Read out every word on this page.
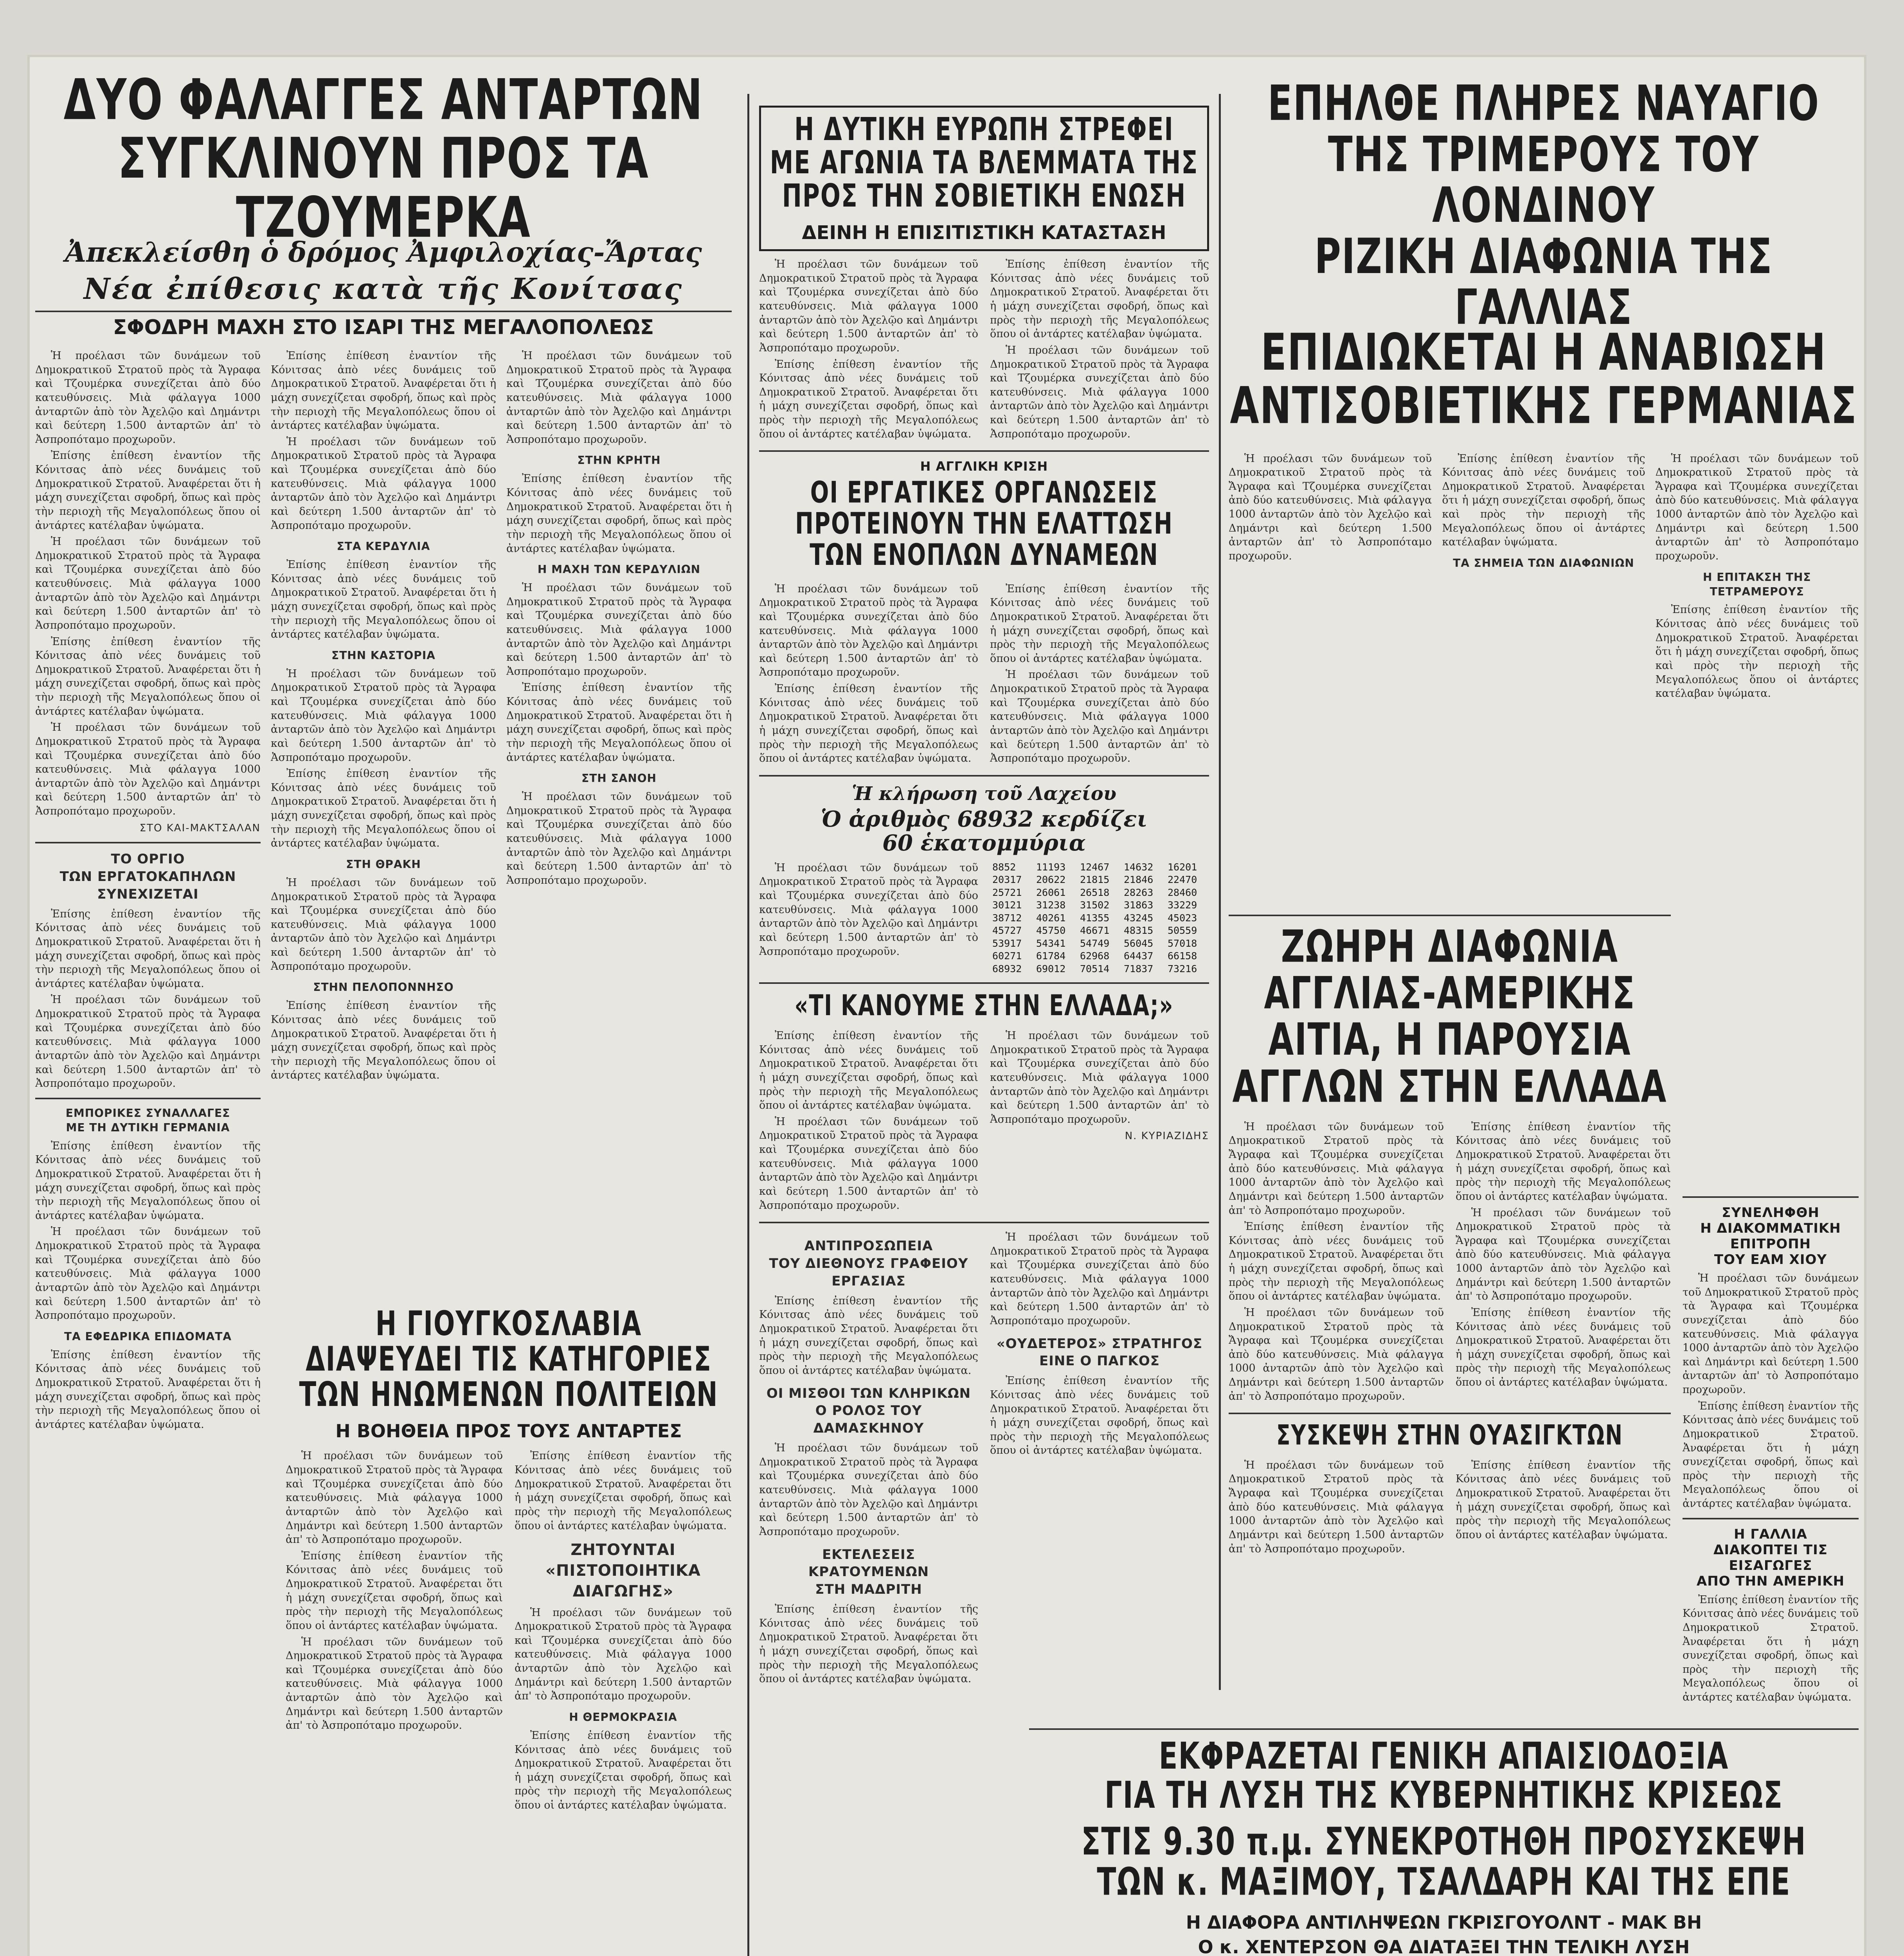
ΔΥΟ ΦΑΛΑΓΓΕΣ ΑΝΤΑΡΤΩΝ
ΣΥΓΚΛΙΝΟΥΝ ΠΡΟΣ ΤΑ ΤΖΟΥΜΕΡΚΑ
Ἀπεκλείσθη ὁ δρόμος Ἀμφιλοχίας-Ἄρτας
Νέα ἐπίθεσις κατὰ τῆς Κονίτσας
ΣΦΟΔΡΗ ΜΑΧΗ ΣΤΟ ΙΣΑΡΙ ΤΗΣ ΜΕΓΑΛΟΠΟΛΕΩΣ

Ἡ προέλασι τῶν δυνάμεων τοῦ Δημοκρατικοῦ Στρατοῦ πρὸς τὰ Ἄγραφα καὶ Τζουμέρκα συνεχίζεται ἀπὸ δύο κατευθύνσεις. Μιὰ φάλαγγα 1000 ἀνταρτῶν ἀπὸ τὸν Ἀχελῷο καὶ Δημάντρι καὶ δεύτερη 1.500 ἀνταρτῶν ἀπ' τὸ Ἀσπροπόταμο προχωροῦν.

Ἐπίσης ἐπίθεση ἐναντίον τῆς Κόνιτσας ἀπὸ νέες δυνάμεις τοῦ Δημοκρατικοῦ Στρατοῦ. Ἀναφέρεται ὅτι ἡ μάχη συνεχίζεται σφοδρή, ὅπως καὶ πρὸς τὴν περιοχὴ τῆς Μεγαλοπόλεως ὅπου οἱ ἀντάρτες κατέλαβαν ὑψώματα.

Ἡ προέλασι τῶν δυνάμεων τοῦ Δημοκρατικοῦ Στρατοῦ πρὸς τὰ Ἄγραφα καὶ Τζουμέρκα συνεχίζεται ἀπὸ δύο κατευθύνσεις. Μιὰ φάλαγγα 1000 ἀνταρτῶν ἀπὸ τὸν Ἀχελῷο καὶ Δημάντρι καὶ δεύτερη 1.500 ἀνταρτῶν ἀπ' τὸ Ἀσπροπόταμο προχωροῦν.

Ἐπίσης ἐπίθεση ἐναντίον τῆς Κόνιτσας ἀπὸ νέες δυνάμεις τοῦ Δημοκρατικοῦ Στρατοῦ. Ἀναφέρεται ὅτι ἡ μάχη συνεχίζεται σφοδρή, ὅπως καὶ πρὸς τὴν περιοχὴ τῆς Μεγαλοπόλεως ὅπου οἱ ἀντάρτες κατέλαβαν ὑψώματα.

Ἡ προέλασι τῶν δυνάμεων τοῦ Δημοκρατικοῦ Στρατοῦ πρὸς τὰ Ἄγραφα καὶ Τζουμέρκα συνεχίζεται ἀπὸ δύο κατευθύνσεις. Μιὰ φάλαγγα 1000 ἀνταρτῶν ἀπὸ τὸν Ἀχελῷο καὶ Δημάντρι καὶ δεύτερη 1.500 ἀνταρτῶν ἀπ' τὸ Ἀσπροπόταμο προχωροῦν.

ΣΤΟ ΚΑΙ-ΜΑΚΤΣΑΛΑΝ
ΤΟ ΟΡΓΙΟ
ΤΩΝ ΕΡΓΑΤΟΚΑΠΗΛΩΝ
ΣΥΝΕΧΙΖΕΤΑΙ

Ἐπίσης ἐπίθεση ἐναντίον τῆς Κόνιτσας ἀπὸ νέες δυνάμεις τοῦ Δημοκρατικοῦ Στρατοῦ. Ἀναφέρεται ὅτι ἡ μάχη συνεχίζεται σφοδρή, ὅπως καὶ πρὸς τὴν περιοχὴ τῆς Μεγαλοπόλεως ὅπου οἱ ἀντάρτες κατέλαβαν ὑψώματα.

Ἡ προέλασι τῶν δυνάμεων τοῦ Δημοκρατικοῦ Στρατοῦ πρὸς τὰ Ἄγραφα καὶ Τζουμέρκα συνεχίζεται ἀπὸ δύο κατευθύνσεις. Μιὰ φάλαγγα 1000 ἀνταρτῶν ἀπὸ τὸν Ἀχελῷο καὶ Δημάντρι καὶ δεύτερη 1.500 ἀνταρτῶν ἀπ' τὸ Ἀσπροπόταμο προχωροῦν.

ΕΜΠΟΡΙΚΕΣ ΣΥΝΑΛΛΑΓΕΣ
ΜΕ ΤΗ ΔΥΤΙΚΗ ΓΕΡΜΑΝΙΑ

Ἐπίσης ἐπίθεση ἐναντίον τῆς Κόνιτσας ἀπὸ νέες δυνάμεις τοῦ Δημοκρατικοῦ Στρατοῦ. Ἀναφέρεται ὅτι ἡ μάχη συνεχίζεται σφοδρή, ὅπως καὶ πρὸς τὴν περιοχὴ τῆς Μεγαλοπόλεως ὅπου οἱ ἀντάρτες κατέλαβαν ὑψώματα.

Ἡ προέλασι τῶν δυνάμεων τοῦ Δημοκρατικοῦ Στρατοῦ πρὸς τὰ Ἄγραφα καὶ Τζουμέρκα συνεχίζεται ἀπὸ δύο κατευθύνσεις. Μιὰ φάλαγγα 1000 ἀνταρτῶν ἀπὸ τὸν Ἀχελῷο καὶ Δημάντρι καὶ δεύτερη 1.500 ἀνταρτῶν ἀπ' τὸ Ἀσπροπόταμο προχωροῦν.

ΤΑ ΕΦΕΔΡΙΚΑ ΕΠΙΔΟΜΑΤΑ

Ἐπίσης ἐπίθεση ἐναντίον τῆς Κόνιτσας ἀπὸ νέες δυνάμεις τοῦ Δημοκρατικοῦ Στρατοῦ. Ἀναφέρεται ὅτι ἡ μάχη συνεχίζεται σφοδρή, ὅπως καὶ πρὸς τὴν περιοχὴ τῆς Μεγαλοπόλεως ὅπου οἱ ἀντάρτες κατέλαβαν ὑψώματα.

Ἐπίσης ἐπίθεση ἐναντίον τῆς Κόνιτσας ἀπὸ νέες δυνάμεις τοῦ Δημοκρατικοῦ Στρατοῦ. Ἀναφέρεται ὅτι ἡ μάχη συνεχίζεται σφοδρή, ὅπως καὶ πρὸς τὴν περιοχὴ τῆς Μεγαλοπόλεως ὅπου οἱ ἀντάρτες κατέλαβαν ὑψώματα.

Ἡ προέλασι τῶν δυνάμεων τοῦ Δημοκρατικοῦ Στρατοῦ πρὸς τὰ Ἄγραφα καὶ Τζουμέρκα συνεχίζεται ἀπὸ δύο κατευθύνσεις. Μιὰ φάλαγγα 1000 ἀνταρτῶν ἀπὸ τὸν Ἀχελῷο καὶ Δημάντρι καὶ δεύτερη 1.500 ἀνταρτῶν ἀπ' τὸ Ἀσπροπόταμο προχωροῦν.

ΣΤΑ ΚΕΡΔΥΛΙΑ

Ἐπίσης ἐπίθεση ἐναντίον τῆς Κόνιτσας ἀπὸ νέες δυνάμεις τοῦ Δημοκρατικοῦ Στρατοῦ. Ἀναφέρεται ὅτι ἡ μάχη συνεχίζεται σφοδρή, ὅπως καὶ πρὸς τὴν περιοχὴ τῆς Μεγαλοπόλεως ὅπου οἱ ἀντάρτες κατέλαβαν ὑψώματα.

ΣΤΗΝ ΚΑΣΤΟΡΙΑ

Ἡ προέλασι τῶν δυνάμεων τοῦ Δημοκρατικοῦ Στρατοῦ πρὸς τὰ Ἄγραφα καὶ Τζουμέρκα συνεχίζεται ἀπὸ δύο κατευθύνσεις. Μιὰ φάλαγγα 1000 ἀνταρτῶν ἀπὸ τὸν Ἀχελῷο καὶ Δημάντρι καὶ δεύτερη 1.500 ἀνταρτῶν ἀπ' τὸ Ἀσπροπόταμο προχωροῦν.

Ἐπίσης ἐπίθεση ἐναντίον τῆς Κόνιτσας ἀπὸ νέες δυνάμεις τοῦ Δημοκρατικοῦ Στρατοῦ. Ἀναφέρεται ὅτι ἡ μάχη συνεχίζεται σφοδρή, ὅπως καὶ πρὸς τὴν περιοχὴ τῆς Μεγαλοπόλεως ὅπου οἱ ἀντάρτες κατέλαβαν ὑψώματα.

ΣΤΗ ΘΡΑΚΗ

Ἡ προέλασι τῶν δυνάμεων τοῦ Δημοκρατικοῦ Στρατοῦ πρὸς τὰ Ἄγραφα καὶ Τζουμέρκα συνεχίζεται ἀπὸ δύο κατευθύνσεις. Μιὰ φάλαγγα 1000 ἀνταρτῶν ἀπὸ τὸν Ἀχελῷο καὶ Δημάντρι καὶ δεύτερη 1.500 ἀνταρτῶν ἀπ' τὸ Ἀσπροπόταμο προχωροῦν.

ΣΤΗΝ ΠΕΛΟΠΟΝΝΗΣΟ

Ἐπίσης ἐπίθεση ἐναντίον τῆς Κόνιτσας ἀπὸ νέες δυνάμεις τοῦ Δημοκρατικοῦ Στρατοῦ. Ἀναφέρεται ὅτι ἡ μάχη συνεχίζεται σφοδρή, ὅπως καὶ πρὸς τὴν περιοχὴ τῆς Μεγαλοπόλεως ὅπου οἱ ἀντάρτες κατέλαβαν ὑψώματα.

Ἡ προέλασι τῶν δυνάμεων τοῦ Δημοκρατικοῦ Στρατοῦ πρὸς τὰ Ἄγραφα καὶ Τζουμέρκα συνεχίζεται ἀπὸ δύο κατευθύνσεις. Μιὰ φάλαγγα 1000 ἀνταρτῶν ἀπὸ τὸν Ἀχελῷο καὶ Δημάντρι καὶ δεύτερη 1.500 ἀνταρτῶν ἀπ' τὸ Ἀσπροπόταμο προχωροῦν.

ΣΤΗΝ ΚΡΗΤΗ

Ἐπίσης ἐπίθεση ἐναντίον τῆς Κόνιτσας ἀπὸ νέες δυνάμεις τοῦ Δημοκρατικοῦ Στρατοῦ. Ἀναφέρεται ὅτι ἡ μάχη συνεχίζεται σφοδρή, ὅπως καὶ πρὸς τὴν περιοχὴ τῆς Μεγαλοπόλεως ὅπου οἱ ἀντάρτες κατέλαβαν ὑψώματα.

Η ΜΑΧΗ ΤΩΝ ΚΕΡΔΥΛΙΩΝ

Ἡ προέλασι τῶν δυνάμεων τοῦ Δημοκρατικοῦ Στρατοῦ πρὸς τὰ Ἄγραφα καὶ Τζουμέρκα συνεχίζεται ἀπὸ δύο κατευθύνσεις. Μιὰ φάλαγγα 1000 ἀνταρτῶν ἀπὸ τὸν Ἀχελῷο καὶ Δημάντρι καὶ δεύτερη 1.500 ἀνταρτῶν ἀπ' τὸ Ἀσπροπόταμο προχωροῦν.

Ἐπίσης ἐπίθεση ἐναντίον τῆς Κόνιτσας ἀπὸ νέες δυνάμεις τοῦ Δημοκρατικοῦ Στρατοῦ. Ἀναφέρεται ὅτι ἡ μάχη συνεχίζεται σφοδρή, ὅπως καὶ πρὸς τὴν περιοχὴ τῆς Μεγαλοπόλεως ὅπου οἱ ἀντάρτες κατέλαβαν ὑψώματα.

ΣΤΗ ΣΑΝΟΗ

Ἡ προέλασι τῶν δυνάμεων τοῦ Δημοκρατικοῦ Στρατοῦ πρὸς τὰ Ἄγραφα καὶ Τζουμέρκα συνεχίζεται ἀπὸ δύο κατευθύνσεις. Μιὰ φάλαγγα 1000 ἀνταρτῶν ἀπὸ τὸν Ἀχελῷο καὶ Δημάντρι καὶ δεύτερη 1.500 ἀνταρτῶν ἀπ' τὸ Ἀσπροπόταμο προχωροῦν.

Η ΓΙΟΥΓΚΟΣΛΑΒΙΑ
ΔΙΑΨΕΥΔΕΙ ΤΙΣ ΚΑΤΗΓΟΡΙΕΣ
ΤΩΝ ΗΝΩΜΕΝΩΝ ΠΟΛΙΤΕΙΩΝ
Η ΒΟΗΘΕΙΑ ΠΡΟΣ ΤΟΥΣ ΑΝΤΑΡΤΕΣ

Ἡ προέλασι τῶν δυνάμεων τοῦ Δημοκρατικοῦ Στρατοῦ πρὸς τὰ Ἄγραφα καὶ Τζουμέρκα συνεχίζεται ἀπὸ δύο κατευθύνσεις. Μιὰ φάλαγγα 1000 ἀνταρτῶν ἀπὸ τὸν Ἀχελῷο καὶ Δημάντρι καὶ δεύτερη 1.500 ἀνταρτῶν ἀπ' τὸ Ἀσπροπόταμο προχωροῦν.

Ἐπίσης ἐπίθεση ἐναντίον τῆς Κόνιτσας ἀπὸ νέες δυνάμεις τοῦ Δημοκρατικοῦ Στρατοῦ. Ἀναφέρεται ὅτι ἡ μάχη συνεχίζεται σφοδρή, ὅπως καὶ πρὸς τὴν περιοχὴ τῆς Μεγαλοπόλεως ὅπου οἱ ἀντάρτες κατέλαβαν ὑψώματα.

Ἡ προέλασι τῶν δυνάμεων τοῦ Δημοκρατικοῦ Στρατοῦ πρὸς τὰ Ἄγραφα καὶ Τζουμέρκα συνεχίζεται ἀπὸ δύο κατευθύνσεις. Μιὰ φάλαγγα 1000 ἀνταρτῶν ἀπὸ τὸν Ἀχελῷο καὶ Δημάντρι καὶ δεύτερη 1.500 ἀνταρτῶν ἀπ' τὸ Ἀσπροπόταμο προχωροῦν.

Ἐπίσης ἐπίθεση ἐναντίον τῆς Κόνιτσας ἀπὸ νέες δυνάμεις τοῦ Δημοκρατικοῦ Στρατοῦ. Ἀναφέρεται ὅτι ἡ μάχη συνεχίζεται σφοδρή, ὅπως καὶ πρὸς τὴν περιοχὴ τῆς Μεγαλοπόλεως ὅπου οἱ ἀντάρτες κατέλαβαν ὑψώματα.

ΖΗΤΟΥΝΤΑΙ
«ΠΙΣΤΟΠΟΙΗΤΙΚΑ
ΔΙΑΓΩΓΗΣ»

Ἡ προέλασι τῶν δυνάμεων τοῦ Δημοκρατικοῦ Στρατοῦ πρὸς τὰ Ἄγραφα καὶ Τζουμέρκα συνεχίζεται ἀπὸ δύο κατευθύνσεις. Μιὰ φάλαγγα 1000 ἀνταρτῶν ἀπὸ τὸν Ἀχελῷο καὶ Δημάντρι καὶ δεύτερη 1.500 ἀνταρτῶν ἀπ' τὸ Ἀσπροπόταμο προχωροῦν.

Η ΘΕΡΜΟΚΡΑΣΙΑ

Ἐπίσης ἐπίθεση ἐναντίον τῆς Κόνιτσας ἀπὸ νέες δυνάμεις τοῦ Δημοκρατικοῦ Στρατοῦ. Ἀναφέρεται ὅτι ἡ μάχη συνεχίζεται σφοδρή, ὅπως καὶ πρὸς τὴν περιοχὴ τῆς Μεγαλοπόλεως ὅπου οἱ ἀντάρτες κατέλαβαν ὑψώματα.

Η ΔΥΤΙΚΗ ΕΥΡΩΠΗ ΣΤΡΕΦΕΙ
ΜΕ ΑΓΩΝΙΑ ΤΑ ΒΛΕΜΜΑΤΑ ΤΗΣ
ΠΡΟΣ ΤΗΝ ΣΟΒΙΕΤΙΚΗ ΕΝΩΣΗ
ΔΕΙΝΗ Η ΕΠΙΣΙΤΙΣΤΙΚΗ ΚΑΤΑΣΤΑΣΗ

Ἡ προέλασι τῶν δυνάμεων τοῦ Δημοκρατικοῦ Στρατοῦ πρὸς τὰ Ἄγραφα καὶ Τζουμέρκα συνεχίζεται ἀπὸ δύο κατευθύνσεις. Μιὰ φάλαγγα 1000 ἀνταρτῶν ἀπὸ τὸν Ἀχελῷο καὶ Δημάντρι καὶ δεύτερη 1.500 ἀνταρτῶν ἀπ' τὸ Ἀσπροπόταμο προχωροῦν.

Ἐπίσης ἐπίθεση ἐναντίον τῆς Κόνιτσας ἀπὸ νέες δυνάμεις τοῦ Δημοκρατικοῦ Στρατοῦ. Ἀναφέρεται ὅτι ἡ μάχη συνεχίζεται σφοδρή, ὅπως καὶ πρὸς τὴν περιοχὴ τῆς Μεγαλοπόλεως ὅπου οἱ ἀντάρτες κατέλαβαν ὑψώματα.

Ἐπίσης ἐπίθεση ἐναντίον τῆς Κόνιτσας ἀπὸ νέες δυνάμεις τοῦ Δημοκρατικοῦ Στρατοῦ. Ἀναφέρεται ὅτι ἡ μάχη συνεχίζεται σφοδρή, ὅπως καὶ πρὸς τὴν περιοχὴ τῆς Μεγαλοπόλεως ὅπου οἱ ἀντάρτες κατέλαβαν ὑψώματα.

Ἡ προέλασι τῶν δυνάμεων τοῦ Δημοκρατικοῦ Στρατοῦ πρὸς τὰ Ἄγραφα καὶ Τζουμέρκα συνεχίζεται ἀπὸ δύο κατευθύνσεις. Μιὰ φάλαγγα 1000 ἀνταρτῶν ἀπὸ τὸν Ἀχελῷο καὶ Δημάντρι καὶ δεύτερη 1.500 ἀνταρτῶν ἀπ' τὸ Ἀσπροπόταμο προχωροῦν.

Η ΑΓΓΛΙΚΗ ΚΡΙΣΗ
ΟΙ ΕΡΓΑΤΙΚΕΣ ΟΡΓΑΝΩΣΕΙΣ
ΠΡΟΤΕΙΝΟΥΝ ΤΗΝ ΕΛΑΤΤΩΣΗ
ΤΩΝ ΕΝΟΠΛΩΝ ΔΥΝΑΜΕΩΝ

Ἡ προέλασι τῶν δυνάμεων τοῦ Δημοκρατικοῦ Στρατοῦ πρὸς τὰ Ἄγραφα καὶ Τζουμέρκα συνεχίζεται ἀπὸ δύο κατευθύνσεις. Μιὰ φάλαγγα 1000 ἀνταρτῶν ἀπὸ τὸν Ἀχελῷο καὶ Δημάντρι καὶ δεύτερη 1.500 ἀνταρτῶν ἀπ' τὸ Ἀσπροπόταμο προχωροῦν.

Ἐπίσης ἐπίθεση ἐναντίον τῆς Κόνιτσας ἀπὸ νέες δυνάμεις τοῦ Δημοκρατικοῦ Στρατοῦ. Ἀναφέρεται ὅτι ἡ μάχη συνεχίζεται σφοδρή, ὅπως καὶ πρὸς τὴν περιοχὴ τῆς Μεγαλοπόλεως ὅπου οἱ ἀντάρτες κατέλαβαν ὑψώματα.

Ἐπίσης ἐπίθεση ἐναντίον τῆς Κόνιτσας ἀπὸ νέες δυνάμεις τοῦ Δημοκρατικοῦ Στρατοῦ. Ἀναφέρεται ὅτι ἡ μάχη συνεχίζεται σφοδρή, ὅπως καὶ πρὸς τὴν περιοχὴ τῆς Μεγαλοπόλεως ὅπου οἱ ἀντάρτες κατέλαβαν ὑψώματα.

Ἡ προέλασι τῶν δυνάμεων τοῦ Δημοκρατικοῦ Στρατοῦ πρὸς τὰ Ἄγραφα καὶ Τζουμέρκα συνεχίζεται ἀπὸ δύο κατευθύνσεις. Μιὰ φάλαγγα 1000 ἀνταρτῶν ἀπὸ τὸν Ἀχελῷο καὶ Δημάντρι καὶ δεύτερη 1.500 ἀνταρτῶν ἀπ' τὸ Ἀσπροπόταμο προχωροῦν.

Ἡ κλήρωση τοῦ Λαχείου
Ὁ ἀριθμὸς 68932 κερδίζει
60 ἑκατομμύρια

Ἡ προέλασι τῶν δυνάμεων τοῦ Δημοκρατικοῦ Στρατοῦ πρὸς τὰ Ἄγραφα καὶ Τζουμέρκα συνεχίζεται ἀπὸ δύο κατευθύνσεις. Μιὰ φάλαγγα 1000 ἀνταρτῶν ἀπὸ τὸν Ἀχελῷο καὶ Δημάντρι καὶ δεύτερη 1.500 ἀνταρτῶν ἀπ' τὸ Ἀσπροπόταμο προχωροῦν.

8852	11193	12467	14632	16201
20317	20622	21815	21846	22470
25721	26061	26518	28263	28460
30121	31238	31502	31863	33229
38712	40261	41355	43245	45023
45727	45750	46671	48315	50559
53917	54341	54749	56045	57018
60271	61784	62968	64437	66158
68932	69012	70514	71837	73216
«ΤΙ ΚΑΝΟΥΜΕ ΣΤΗΝ ΕΛΛΑΔΑ;»

Ἐπίσης ἐπίθεση ἐναντίον τῆς Κόνιτσας ἀπὸ νέες δυνάμεις τοῦ Δημοκρατικοῦ Στρατοῦ. Ἀναφέρεται ὅτι ἡ μάχη συνεχίζεται σφοδρή, ὅπως καὶ πρὸς τὴν περιοχὴ τῆς Μεγαλοπόλεως ὅπου οἱ ἀντάρτες κατέλαβαν ὑψώματα.

Ἡ προέλασι τῶν δυνάμεων τοῦ Δημοκρατικοῦ Στρατοῦ πρὸς τὰ Ἄγραφα καὶ Τζουμέρκα συνεχίζεται ἀπὸ δύο κατευθύνσεις. Μιὰ φάλαγγα 1000 ἀνταρτῶν ἀπὸ τὸν Ἀχελῷο καὶ Δημάντρι καὶ δεύτερη 1.500 ἀνταρτῶν ἀπ' τὸ Ἀσπροπόταμο προχωροῦν.

Ἡ προέλασι τῶν δυνάμεων τοῦ Δημοκρατικοῦ Στρατοῦ πρὸς τὰ Ἄγραφα καὶ Τζουμέρκα συνεχίζεται ἀπὸ δύο κατευθύνσεις. Μιὰ φάλαγγα 1000 ἀνταρτῶν ἀπὸ τὸν Ἀχελῷο καὶ Δημάντρι καὶ δεύτερη 1.500 ἀνταρτῶν ἀπ' τὸ Ἀσπροπόταμο προχωροῦν.

Ν. ΚΥΡΙΑΖΙΔΗΣ
ΑΝΤΙΠΡΟΣΩΠΕΙΑ
ΤΟΥ ΔΙΕΘΝΟΥΣ ΓΡΑΦΕΙΟΥ
ΕΡΓΑΣΙΑΣ

Ἐπίσης ἐπίθεση ἐναντίον τῆς Κόνιτσας ἀπὸ νέες δυνάμεις τοῦ Δημοκρατικοῦ Στρατοῦ. Ἀναφέρεται ὅτι ἡ μάχη συνεχίζεται σφοδρή, ὅπως καὶ πρὸς τὴν περιοχὴ τῆς Μεγαλοπόλεως ὅπου οἱ ἀντάρτες κατέλαβαν ὑψώματα.

ΟΙ ΜΙΣΘΟΙ ΤΩΝ ΚΛΗΡΙΚΩΝ
Ο ΡΟΛΟΣ ΤΟΥ ΔΑΜΑΣΚΗΝΟΥ

Ἡ προέλασι τῶν δυνάμεων τοῦ Δημοκρατικοῦ Στρατοῦ πρὸς τὰ Ἄγραφα καὶ Τζουμέρκα συνεχίζεται ἀπὸ δύο κατευθύνσεις. Μιὰ φάλαγγα 1000 ἀνταρτῶν ἀπὸ τὸν Ἀχελῷο καὶ Δημάντρι καὶ δεύτερη 1.500 ἀνταρτῶν ἀπ' τὸ Ἀσπροπόταμο προχωροῦν.

ΕΚΤΕΛΕΣΕΙΣ
ΚΡΑΤΟΥΜΕΝΩΝ
ΣΤΗ ΜΑΔΡΙΤΗ

Ἐπίσης ἐπίθεση ἐναντίον τῆς Κόνιτσας ἀπὸ νέες δυνάμεις τοῦ Δημοκρατικοῦ Στρατοῦ. Ἀναφέρεται ὅτι ἡ μάχη συνεχίζεται σφοδρή, ὅπως καὶ πρὸς τὴν περιοχὴ τῆς Μεγαλοπόλεως ὅπου οἱ ἀντάρτες κατέλαβαν ὑψώματα.

Ἡ προέλασι τῶν δυνάμεων τοῦ Δημοκρατικοῦ Στρατοῦ πρὸς τὰ Ἄγραφα καὶ Τζουμέρκα συνεχίζεται ἀπὸ δύο κατευθύνσεις. Μιὰ φάλαγγα 1000 ἀνταρτῶν ἀπὸ τὸν Ἀχελῷο καὶ Δημάντρι καὶ δεύτερη 1.500 ἀνταρτῶν ἀπ' τὸ Ἀσπροπόταμο προχωροῦν.

«ΟΥΔΕΤΕΡΟΣ» ΣΤΡΑΤΗΓΟΣ
ΕΙΝΕ Ο ΠΑΓΚΟΣ

Ἐπίσης ἐπίθεση ἐναντίον τῆς Κόνιτσας ἀπὸ νέες δυνάμεις τοῦ Δημοκρατικοῦ Στρατοῦ. Ἀναφέρεται ὅτι ἡ μάχη συνεχίζεται σφοδρή, ὅπως καὶ πρὸς τὴν περιοχὴ τῆς Μεγαλοπόλεως ὅπου οἱ ἀντάρτες κατέλαβαν ὑψώματα.

ΕΠΗΛΘΕ ΠΛΗΡΕΣ ΝΑΥΑΓΙΟ
ΤΗΣ ΤΡΙΜΕΡΟΥΣ ΤΟΥ ΛΟΝΔΙΝΟΥ
ΡΙΖΙΚΗ ΔΙΑΦΩΝΙΑ ΤΗΣ ΓΑΛΛΙΑΣ
ΕΠΙΔΙΩΚΕΤΑΙ Η ΑΝΑΒΙΩΣΗ
ΑΝΤΙΣΟΒΙΕΤΙΚΗΣ ΓΕΡΜΑΝΙΑΣ

Ἡ προέλασι τῶν δυνάμεων τοῦ Δημοκρατικοῦ Στρατοῦ πρὸς τὰ Ἄγραφα καὶ Τζουμέρκα συνεχίζεται ἀπὸ δύο κατευθύνσεις. Μιὰ φάλαγγα 1000 ἀνταρτῶν ἀπὸ τὸν Ἀχελῷο καὶ Δημάντρι καὶ δεύτερη 1.500 ἀνταρτῶν ἀπ' τὸ Ἀσπροπόταμο προχωροῦν.

Ἐπίσης ἐπίθεση ἐναντίον τῆς Κόνιτσας ἀπὸ νέες δυνάμεις τοῦ Δημοκρατικοῦ Στρατοῦ. Ἀναφέρεται ὅτι ἡ μάχη συνεχίζεται σφοδρή, ὅπως καὶ πρὸς τὴν περιοχὴ τῆς Μεγαλοπόλεως ὅπου οἱ ἀντάρτες κατέλαβαν ὑψώματα.

ΤΑ ΣΗΜΕΙΑ ΤΩΝ ΔΙΑΦΩΝΙΩΝ

Ἡ προέλασι τῶν δυνάμεων τοῦ Δημοκρατικοῦ Στρατοῦ πρὸς τὰ Ἄγραφα καὶ Τζουμέρκα συνεχίζεται ἀπὸ δύο κατευθύνσεις. Μιὰ φάλαγγα 1000 ἀνταρτῶν ἀπὸ τὸν Ἀχελῷο καὶ Δημάντρι καὶ δεύτερη 1.500 ἀνταρτῶν ἀπ' τὸ Ἀσπροπόταμο προχωροῦν.

Η ΕΠΙΤΑΚΣΗ ΤΗΣ ΤΕΤΡΑΜΕΡΟΥΣ

Ἐπίσης ἐπίθεση ἐναντίον τῆς Κόνιτσας ἀπὸ νέες δυνάμεις τοῦ Δημοκρατικοῦ Στρατοῦ. Ἀναφέρεται ὅτι ἡ μάχη συνεχίζεται σφοδρή, ὅπως καὶ πρὸς τὴν περιοχὴ τῆς Μεγαλοπόλεως ὅπου οἱ ἀντάρτες κατέλαβαν ὑψώματα.

ΖΩΗΡΗ ΔΙΑΦΩΝΙΑ
ΑΓΓΛΙΑΣ-ΑΜΕΡΙΚΗΣ
ΑΙΤΙΑ, Η ΠΑΡΟΥΣΙΑ
ΑΓΓΛΩΝ ΣΤΗΝ ΕΛΛΑΔΑ

Ἡ προέλασι τῶν δυνάμεων τοῦ Δημοκρατικοῦ Στρατοῦ πρὸς τὰ Ἄγραφα καὶ Τζουμέρκα συνεχίζεται ἀπὸ δύο κατευθύνσεις. Μιὰ φάλαγγα 1000 ἀνταρτῶν ἀπὸ τὸν Ἀχελῷο καὶ Δημάντρι καὶ δεύτερη 1.500 ἀνταρτῶν ἀπ' τὸ Ἀσπροπόταμο προχωροῦν.

Ἐπίσης ἐπίθεση ἐναντίον τῆς Κόνιτσας ἀπὸ νέες δυνάμεις τοῦ Δημοκρατικοῦ Στρατοῦ. Ἀναφέρεται ὅτι ἡ μάχη συνεχίζεται σφοδρή, ὅπως καὶ πρὸς τὴν περιοχὴ τῆς Μεγαλοπόλεως ὅπου οἱ ἀντάρτες κατέλαβαν ὑψώματα.

Ἡ προέλασι τῶν δυνάμεων τοῦ Δημοκρατικοῦ Στρατοῦ πρὸς τὰ Ἄγραφα καὶ Τζουμέρκα συνεχίζεται ἀπὸ δύο κατευθύνσεις. Μιὰ φάλαγγα 1000 ἀνταρτῶν ἀπὸ τὸν Ἀχελῷο καὶ Δημάντρι καὶ δεύτερη 1.500 ἀνταρτῶν ἀπ' τὸ Ἀσπροπόταμο προχωροῦν.

Ἐπίσης ἐπίθεση ἐναντίον τῆς Κόνιτσας ἀπὸ νέες δυνάμεις τοῦ Δημοκρατικοῦ Στρατοῦ. Ἀναφέρεται ὅτι ἡ μάχη συνεχίζεται σφοδρή, ὅπως καὶ πρὸς τὴν περιοχὴ τῆς Μεγαλοπόλεως ὅπου οἱ ἀντάρτες κατέλαβαν ὑψώματα.

Ἡ προέλασι τῶν δυνάμεων τοῦ Δημοκρατικοῦ Στρατοῦ πρὸς τὰ Ἄγραφα καὶ Τζουμέρκα συνεχίζεται ἀπὸ δύο κατευθύνσεις. Μιὰ φάλαγγα 1000 ἀνταρτῶν ἀπὸ τὸν Ἀχελῷο καὶ Δημάντρι καὶ δεύτερη 1.500 ἀνταρτῶν ἀπ' τὸ Ἀσπροπόταμο προχωροῦν.

Ἐπίσης ἐπίθεση ἐναντίον τῆς Κόνιτσας ἀπὸ νέες δυνάμεις τοῦ Δημοκρατικοῦ Στρατοῦ. Ἀναφέρεται ὅτι ἡ μάχη συνεχίζεται σφοδρή, ὅπως καὶ πρὸς τὴν περιοχὴ τῆς Μεγαλοπόλεως ὅπου οἱ ἀντάρτες κατέλαβαν ὑψώματα.

ΣΥΣΚΕΨΗ ΣΤΗΝ ΟΥΑΣΙΓΚΤΩΝ

Ἡ προέλασι τῶν δυνάμεων τοῦ Δημοκρατικοῦ Στρατοῦ πρὸς τὰ Ἄγραφα καὶ Τζουμέρκα συνεχίζεται ἀπὸ δύο κατευθύνσεις. Μιὰ φάλαγγα 1000 ἀνταρτῶν ἀπὸ τὸν Ἀχελῷο καὶ Δημάντρι καὶ δεύτερη 1.500 ἀνταρτῶν ἀπ' τὸ Ἀσπροπόταμο προχωροῦν.

Ἐπίσης ἐπίθεση ἐναντίον τῆς Κόνιτσας ἀπὸ νέες δυνάμεις τοῦ Δημοκρατικοῦ Στρατοῦ. Ἀναφέρεται ὅτι ἡ μάχη συνεχίζεται σφοδρή, ὅπως καὶ πρὸς τὴν περιοχὴ τῆς Μεγαλοπόλεως ὅπου οἱ ἀντάρτες κατέλαβαν ὑψώματα.

ΣΥΝΕΛΗΦΘΗ
Η ΔΙΑΚΟΜΜΑΤΙΚΗ ΕΠΙΤΡΟΠΗ
ΤΟΥ ΕΑΜ ΧΙΟΥ

Ἡ προέλασι τῶν δυνάμεων τοῦ Δημοκρατικοῦ Στρατοῦ πρὸς τὰ Ἄγραφα καὶ Τζουμέρκα συνεχίζεται ἀπὸ δύο κατευθύνσεις. Μιὰ φάλαγγα 1000 ἀνταρτῶν ἀπὸ τὸν Ἀχελῷο καὶ Δημάντρι καὶ δεύτερη 1.500 ἀνταρτῶν ἀπ' τὸ Ἀσπροπόταμο προχωροῦν.

Ἐπίσης ἐπίθεση ἐναντίον τῆς Κόνιτσας ἀπὸ νέες δυνάμεις τοῦ Δημοκρατικοῦ Στρατοῦ. Ἀναφέρεται ὅτι ἡ μάχη συνεχίζεται σφοδρή, ὅπως καὶ πρὸς τὴν περιοχὴ τῆς Μεγαλοπόλεως ὅπου οἱ ἀντάρτες κατέλαβαν ὑψώματα.

Η ΓΑΛΛΙΑ
ΔΙΑΚΟΠΤΕΙ ΤΙΣ ΕΙΣΑΓΩΓΕΣ
ΑΠΟ ΤΗΝ ΑΜΕΡΙΚΗ

Ἐπίσης ἐπίθεση ἐναντίον τῆς Κόνιτσας ἀπὸ νέες δυνάμεις τοῦ Δημοκρατικοῦ Στρατοῦ. Ἀναφέρεται ὅτι ἡ μάχη συνεχίζεται σφοδρή, ὅπως καὶ πρὸς τὴν περιοχὴ τῆς Μεγαλοπόλεως ὅπου οἱ ἀντάρτες κατέλαβαν ὑψώματα.

ΕΚΦΡΑΖΕΤΑΙ ΓΕΝΙΚΗ ΑΠΑΙΣΙΟΔΟΞΙΑ
ΓΙΑ ΤΗ ΛΥΣΗ ΤΗΣ ΚΥΒΕΡΝΗΤΙΚΗΣ ΚΡΙΣΕΩΣ
ΣΤΙΣ 9.30 π.μ. ΣΥΝΕΚΡΟΤΗΘΗ ΠΡΟΣΥΣΚΕΨΗ
ΤΩΝ κ. ΜΑΞΙΜΟΥ, ΤΣΑΛΔΑΡΗ ΚΑΙ ΤΗΣ ΕΠΕ
Η ΔΙΑΦΟΡΑ ΑΝΤΙΛΗΨΕΩΝ ΓΚΡΙΣΓΟΥΟΛΝΤ - ΜΑΚ ΒΗ
Ο κ. ΧΕΝΤΕΡΣΟΝ ΘΑ ΔΙΑΤΑΞΕΙ ΤΗΝ ΤΕΛΙΚΗ ΛΥΣΗ
